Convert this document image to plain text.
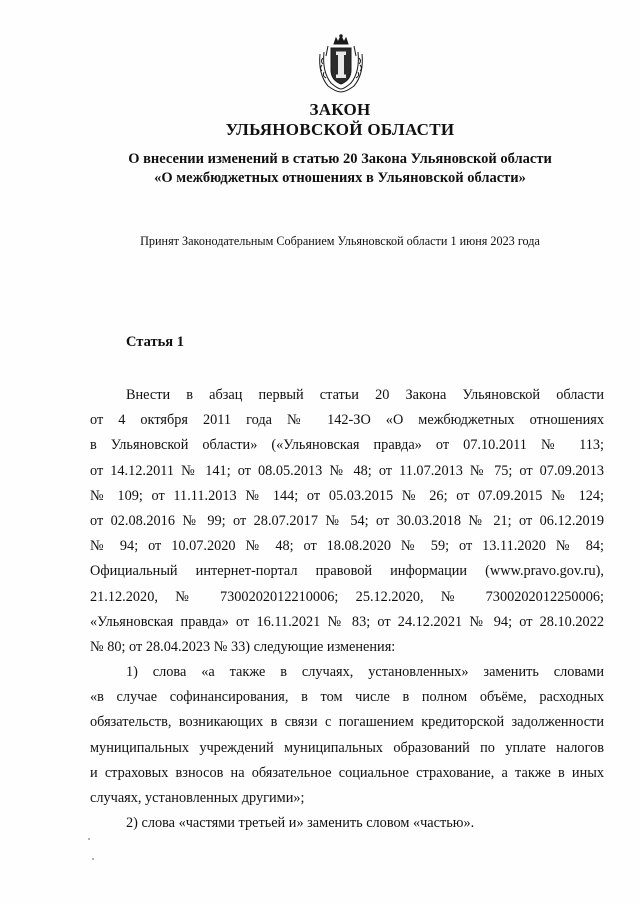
ЗАКОН
УЛЬЯНОВСКОЙ ОБЛАСТИ
О внесении изменений в статью 20 Закона Ульяновской области
«О межбюджетных отношениях в Ульяновской области»
Принят Законодательным Собранием Ульяновской области 1 июня 2023 года
Статья 1
Внести в абзац первый статьи 20 Закона Ульяновской области
от 4 октября 2011 года № 142-ЗО «О межбюджетных отношениях
в Ульяновской области» («Ульяновская правда» от 07.10.2011 № 113;
от 14.12.2011 № 141; от 08.05.2013 № 48; от 11.07.2013 № 75; от 07.09.2013
№ 109; от 11.11.2013 № 144; от 05.03.2015 № 26; от 07.09.2015 № 124;
от 02.08.2016 № 99; от 28.07.2017 № 54; от 30.03.2018 № 21; от 06.12.2019
№ 94; от 10.07.2020 № 48; от 18.08.2020 № 59; от 13.11.2020 № 84;
Официальный интернет-портал правовой информации (www.pravo.gov.ru),
21.12.2020, № 7300202012210006; 25.12.2020, № 7300202012250006;
«Ульяновская правда» от 16.11.2021 № 83; от 24.12.2021 № 94; от 28.10.2022
№ 80; от 28.04.2023 № 33) следующие изменения:
1) слова «а также в случаях, установленных» заменить словами
«в случае софинансирования, в том числе в полном объёме, расходных
обязательств, возникающих в связи с погашением кредиторской задолженности
муниципальных учреждений муниципальных образований по уплате налогов
и страховых взносов на обязательное социальное страхование, а также в иных
случаях, установленных другими»;
2) слова «частями третьей и» заменить словом «частью».
